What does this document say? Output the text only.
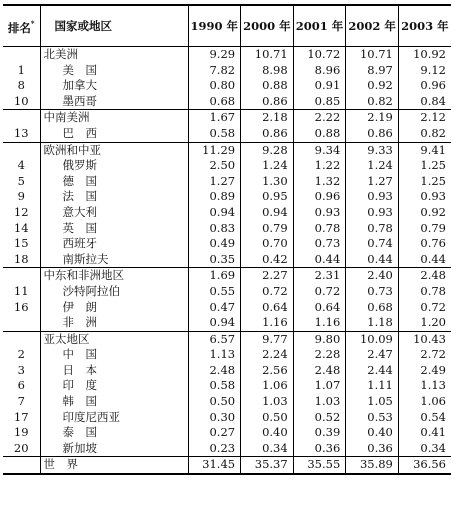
排名*	国家或地区	1990 年	2000 年	2001 年	2002 年	2003 年
	北美洲	9.29	10.71	10.72	10.71	10.92
1	美　国	7.82	8.98	8.96	8.97	9.12
8	加拿大	0.80	0.88	0.91	0.92	0.96
10	墨西哥	0.68	0.86	0.85	0.82	0.84
	中南美洲	1.67	2.18	2.22	2.19	2.12
13	巴　西	0.58	0.86	0.88	0.86	0.82
	欧洲和中亚	11.29	9.28	9.34	9.33	9.41
4	俄罗斯	2.50	1.24	1.22	1.24	1.25
5	德　国	1.27	1.30	1.32	1.27	1.25
9	法　国	0.89	0.95	0.96	0.93	0.93
12	意大利	0.94	0.94	0.93	0.93	0.92
14	英　国	0.83	0.79	0.78	0.78	0.79
15	西班牙	0.49	0.70	0.73	0.74	0.76
18	南斯拉夫	0.35	0.42	0.44	0.44	0.44
	中东和非洲地区	1.69	2.27	2.31	2.40	2.48
11	沙特阿拉伯	0.55	0.72	0.72	0.73	0.78
16	伊　朗	0.47	0.64	0.64	0.68	0.72
	非　洲	0.94	1.16	1.16	1.18	1.20
	亚太地区	6.57	9.77	9.80	10.09	10.43
2	中　国	1.13	2.24	2.28	2.47	2.72
3	日　本	2.48	2.56	2.48	2.44	2.49
6	印　度	0.58	1.06	1.07	1.11	1.13
7	韩　国	0.50	1.03	1.03	1.05	1.06
17	印度尼西亚	0.30	0.50	0.52	0.53	0.54
19	泰　国	0.27	0.40	0.39	0.40	0.41
20	新加坡	0.23	0.34	0.36	0.36	0.34
	世　界	31.45	35.37	35.55	35.89	36.56
